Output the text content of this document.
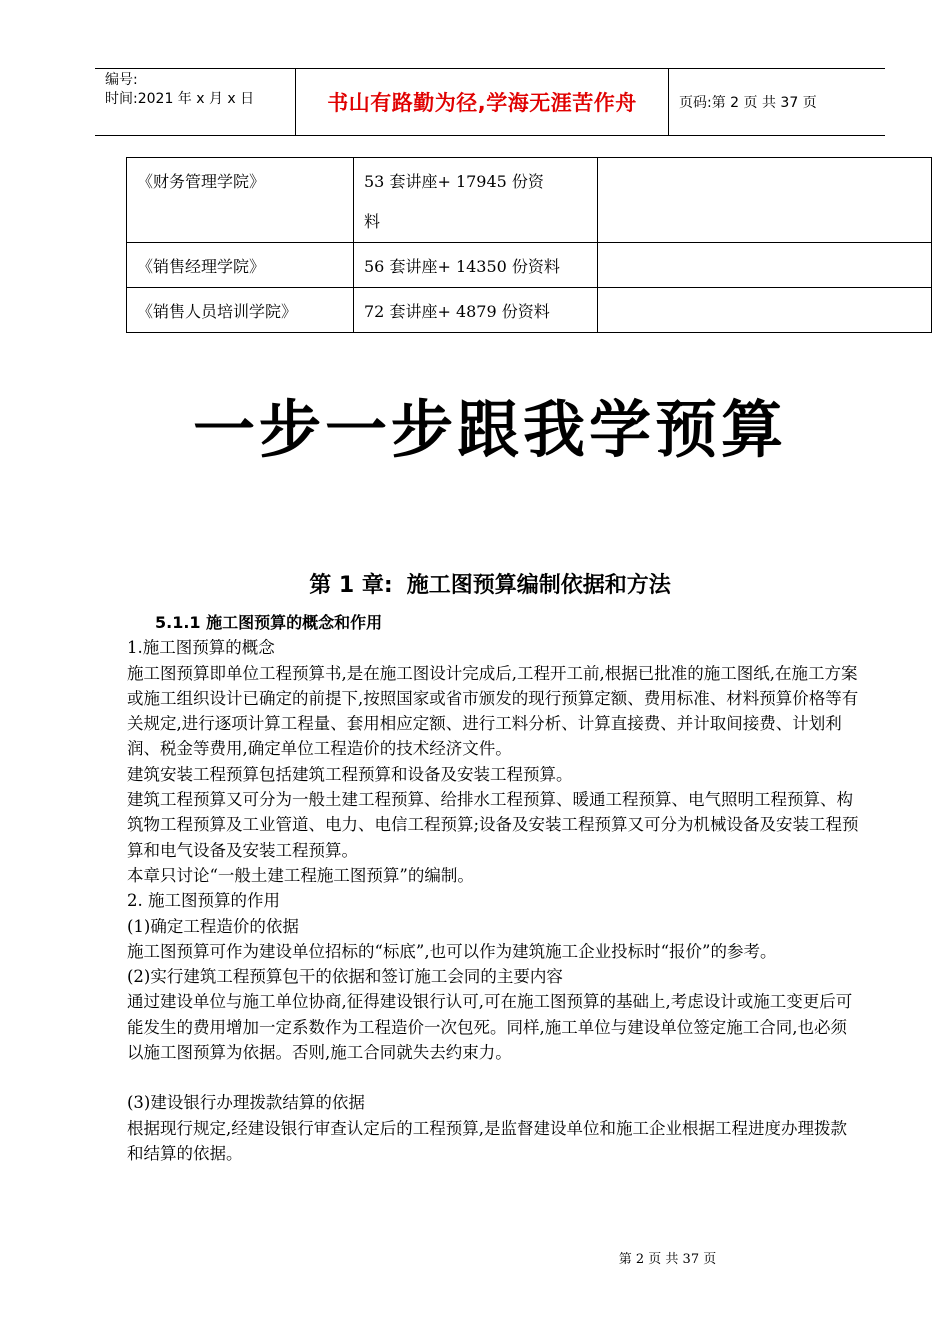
编号:
时间:2021 年 x 月 x 日	书山有路勤为径,学海无涯苦作舟	页码:第 2 页 共 37 页
《财务管理学院》	53 套讲座+ 17945 份资
料	

《销售经理学院》	56 套讲座+ 14350 份资料	
《销售人员培训学院》	72 套讲座+ 4879 份资料	
一步一步跟我学预算
第 1 章: 施工图预算编制依据和方法

5.1.1 施工图预算的概念和作用

1.施工图预算的概念

施工图预算即单位工程预算书,是在施工图设计完成后,工程开工前,根据已批准的施工图纸,在施工方案或施工组织设计已确定的前提下,按照国家或省市颁发的现行预算定额、费用标准、材料预算价格等有关规定,进行逐项计算工程量、套用相应定额、进行工料分析、计算直接费、并计取间接费、计划利润、税金等费用,确定单位工程造价的技术经济文件。

建筑安装工程预算包括建筑工程预算和设备及安装工程预算。

建筑工程预算又可分为一般土建工程预算、给排水工程预算、暖通工程预算、电气照明工程预算、构筑物工程预算及工业管道、电力、电信工程预算;设备及安装工程预算又可分为机械设备及安装工程预算和电气设备及安装工程预算。

本章只讨论“一般土建工程施工图预算”的编制。

2. 施工图预算的作用

(1)确定工程造价的依据

施工图预算可作为建设单位招标的“标底”,也可以作为建筑施工企业投标时“报价”的参考。

(2)实行建筑工程预算包干的依据和签订施工会同的主要内容

通过建设单位与施工单位协商,征得建设银行认可,可在施工图预算的基础上,考虑设计或施工变更后可能发生的费用增加一定系数作为工程造价一次包死。同样,施工单位与建设单位签定施工合同,也必须以施工图预算为依据。否则,施工合同就失去约束力。

(3)建设银行办理拨款结算的依据

根据现行规定,经建设银行审查认定后的工程预算,是监督建设单位和施工企业根据工程进度办理拨款和结算的依据。

第 2 页 共 37 页
